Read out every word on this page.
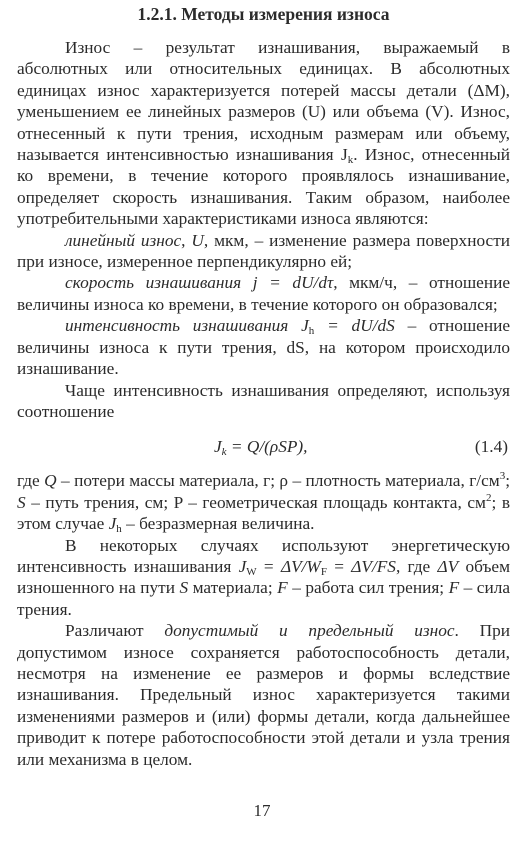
1.2.1. Методы измерения износа

Износ – результат изнашивания, выражаемый в абсолютных или относительных единицах. В абсолютных единицах износ характеризуется потерей массы детали (ΔM), уменьшением ее линейных размеров (U) или объема (V). Износ, отнесенный к пути трения, исходным размерам или объему, называется интенсивностью изнашивания $J_k$. Износ, отнесенный ко времени, в течение которого проявлялось изнашивание, определяет скорость изнашивания. Таким образом, наиболее употребительными характеристиками износа являются:

линейный износ, U, мкм, – изменение размера поверхности при износе, измеренное перпендикулярно ей;

скорость изнашивания j = dU/dτ, мкм/ч, – отношение величины износа ко времени, в течение которого он образовался;

интенсивность изнашивания $J_h = dU/dS$ – отношение величины износа к пути трения, dS, на котором происходило изнашивание.

Чаще интенсивность изнашивания определяют, используя соотношение

$J_k = Q/(\rho SP)$,	(1.4)

где Q – потери массы материала, г; ρ – плотность материала, $г/см^3$; S – путь трения, см; P – геометрическая площадь контакта, $см^2$; в этом случае $J_h$ – безразмерная величина.

В некоторых случаях используют энергетическую интенсивность изнашивания $J_W = \Delta V/W_F = \Delta V/FS$, где ΔV объем изношенного на пути S материала; F – работа сил трения; F – сила трения.

Различают допустимый и предельный износ. При допустимом износе сохраняется работоспособность детали, несмотря на изменение ее размеров и формы вследствие изнашивания. Предельный износ характеризуется такими изменениями размеров и (или) формы детали, когда дальнейшее приводит к потере работоспособности этой детали и узла трения или механизма в целом.

17
